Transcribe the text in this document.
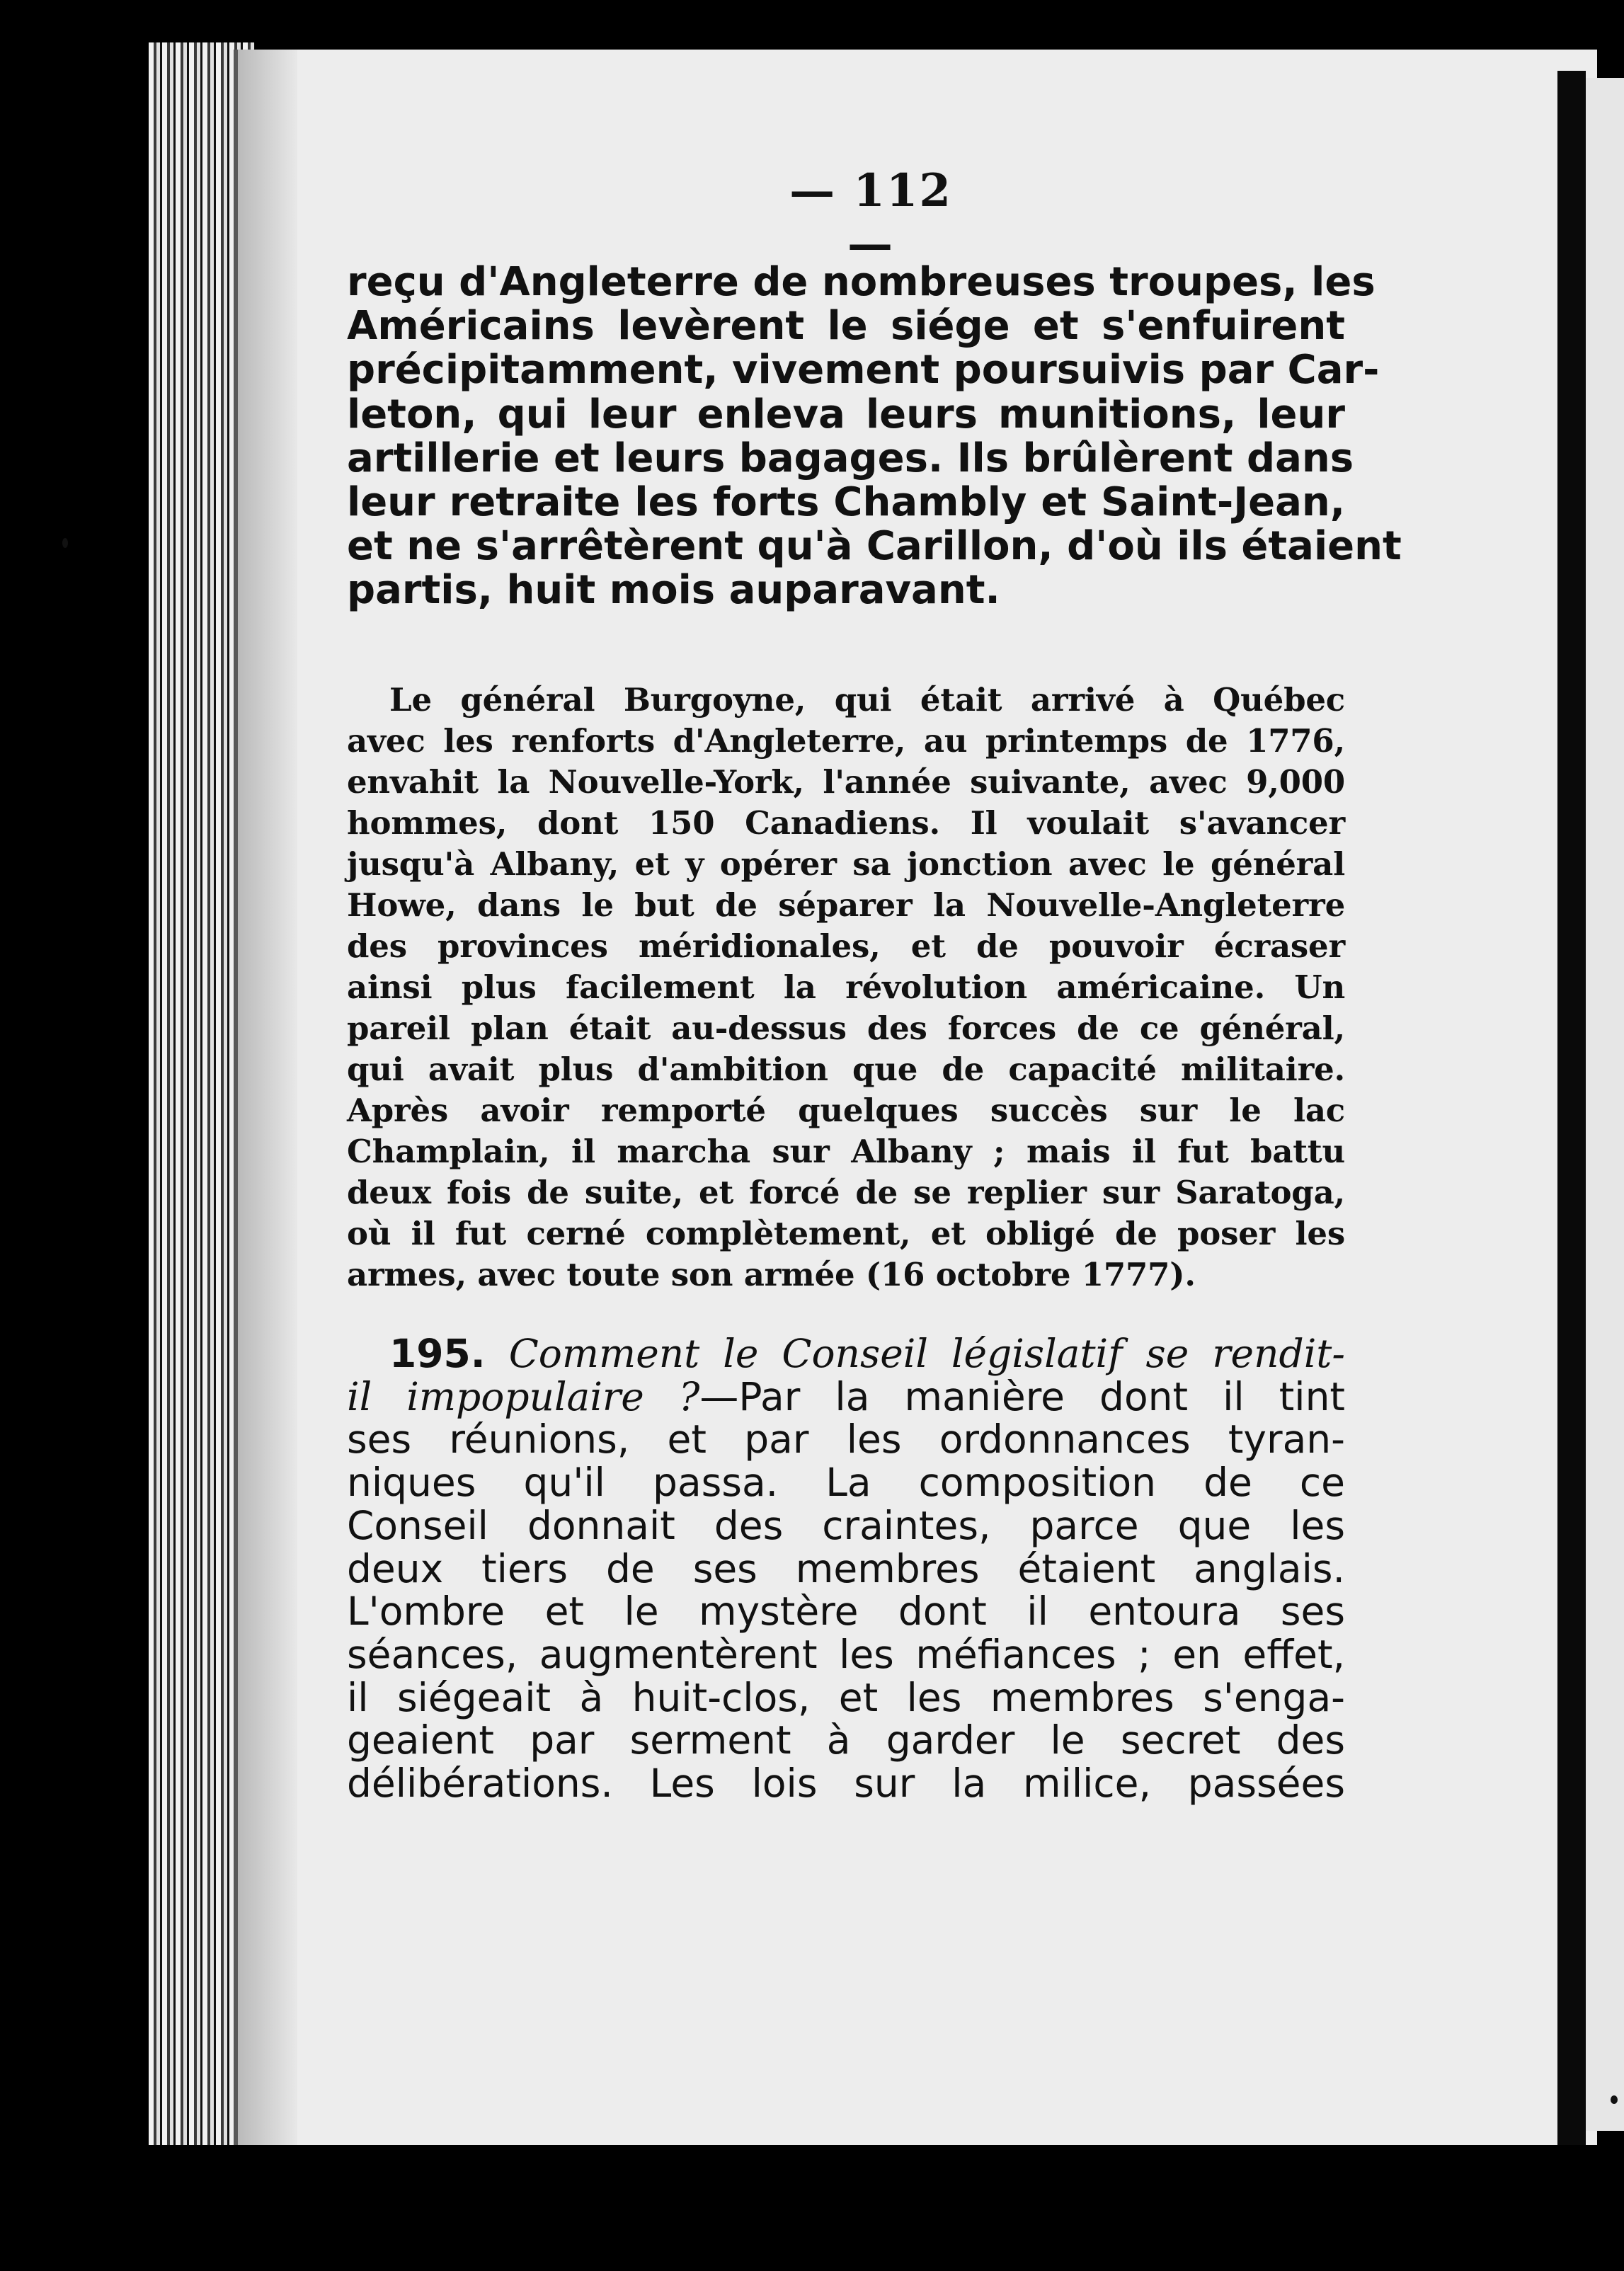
— 112 —
reçu d'Angleterre de nombreuses troupes, les
Américains levèrent le siége et s'enfuirent
précipitamment, vivement poursuivis par Car-
leton, qui leur enleva leurs munitions, leur
artillerie et leurs bagages. Ils brûlèrent dans
leur retraite les forts Chambly et Saint-Jean,
et ne s'arrêtèrent qu'à Carillon, d'où ils étaient
partis, huit mois auparavant.
Le général Burgoyne, qui était arrivé à Québec
avec les renforts d'Angleterre, au printemps de 1776,
envahit la Nouvelle-York, l'année suivante, avec 9,000
hommes, dont 150 Canadiens. Il voulait s'avancer
jusqu'à Albany, et y opérer sa jonction avec le général
Howe, dans le but de séparer la Nouvelle-Angleterre
des provinces méridionales, et de pouvoir écraser
ainsi plus facilement la révolution américaine. Un
pareil plan était au-dessus des forces de ce général,
qui avait plus d'ambition que de capacité militaire.
Après avoir remporté quelques succès sur le lac
Champlain, il marcha sur Albany ; mais il fut battu
deux fois de suite, et forcé de se replier sur Saratoga,
où il fut cerné complètement, et obligé de poser les
armes, avec toute son armée (16 octobre 1777).
195. Comment le Conseil législatif se rendit-
il impopulaire ?—Par la manière dont il tint
ses réunions, et par les ordonnances tyran-
niques qu'il passa. La composition de ce
Conseil donnait des craintes, parce que les
deux tiers de ses membres étaient anglais.
L'ombre et le mystère dont il entoura ses
séances, augmentèrent les méfiances ; en effet,
il siégeait à huit-clos, et les membres s'enga-
geaient par serment à garder le secret des
délibérations. Les lois sur la milice, passées
